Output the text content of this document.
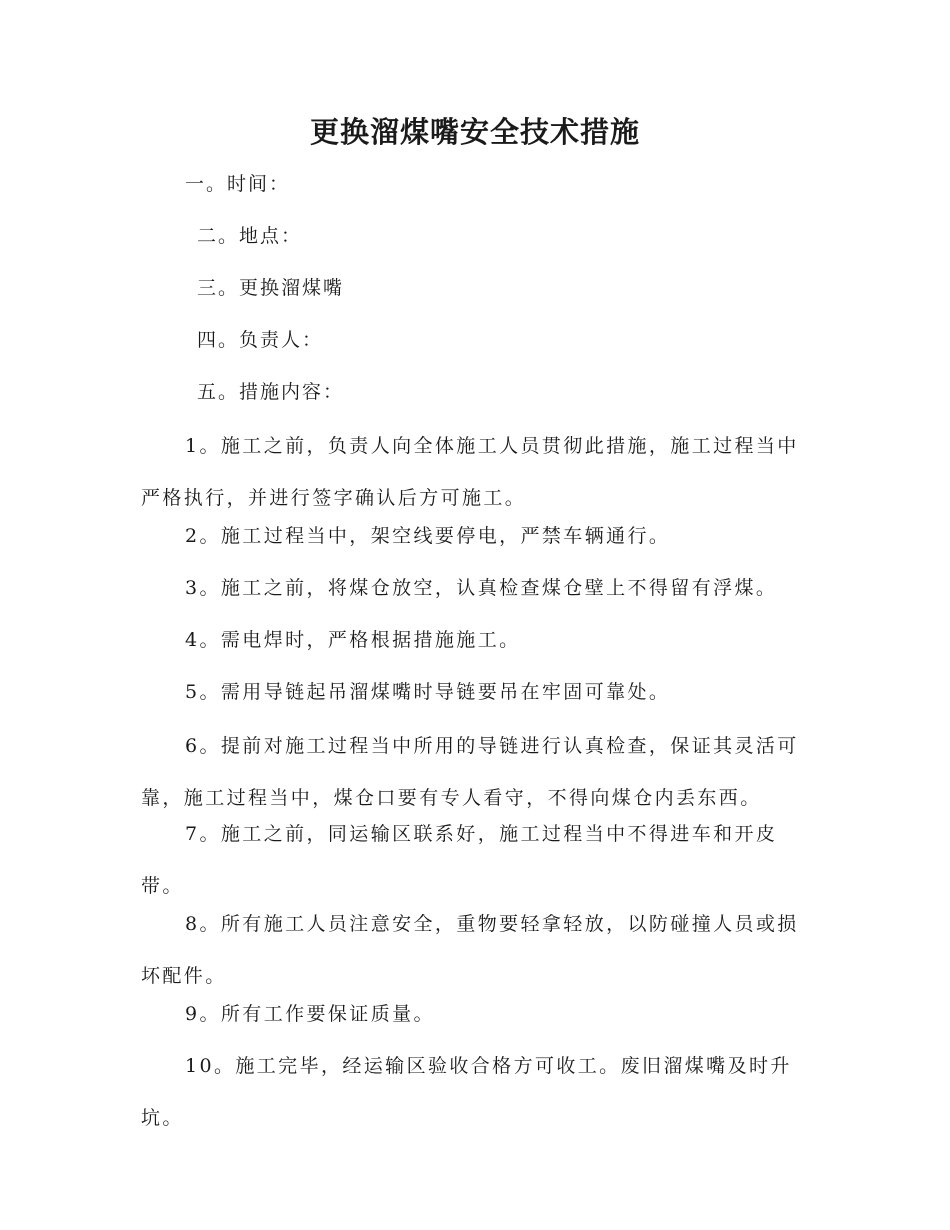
更换溜煤嘴安全技术措施
一。时间：
二。地点：
三。更换溜煤嘴
四。负责人：
五。措施内容：

1。施工之前，负责人向全体施工人员贯彻此措施，施工过程当中
严格执行，并进行签字确认后方可施工。

2。施工过程当中，架空线要停电，严禁车辆通行。

3。施工之前，将煤仓放空，认真检查煤仓壁上不得留有浮煤。

4。需电焊时，严格根据措施施工。

5。需用导链起吊溜煤嘴时导链要吊在牢固可靠处。

6。提前对施工过程当中所用的导链进行认真检查，保证其灵活可
靠，施工过程当中，煤仓口要有专人看守，不得向煤仓内丢东西。

7。施工之前，同运输区联系好，施工过程当中不得进车和开皮
带。

8。所有施工人员注意安全，重物要轻拿轻放，以防碰撞人员或损
坏配件。

9。所有工作要保证质量。

10。施工完毕，经运输区验收合格方可收工。废旧溜煤嘴及时升
坑。
